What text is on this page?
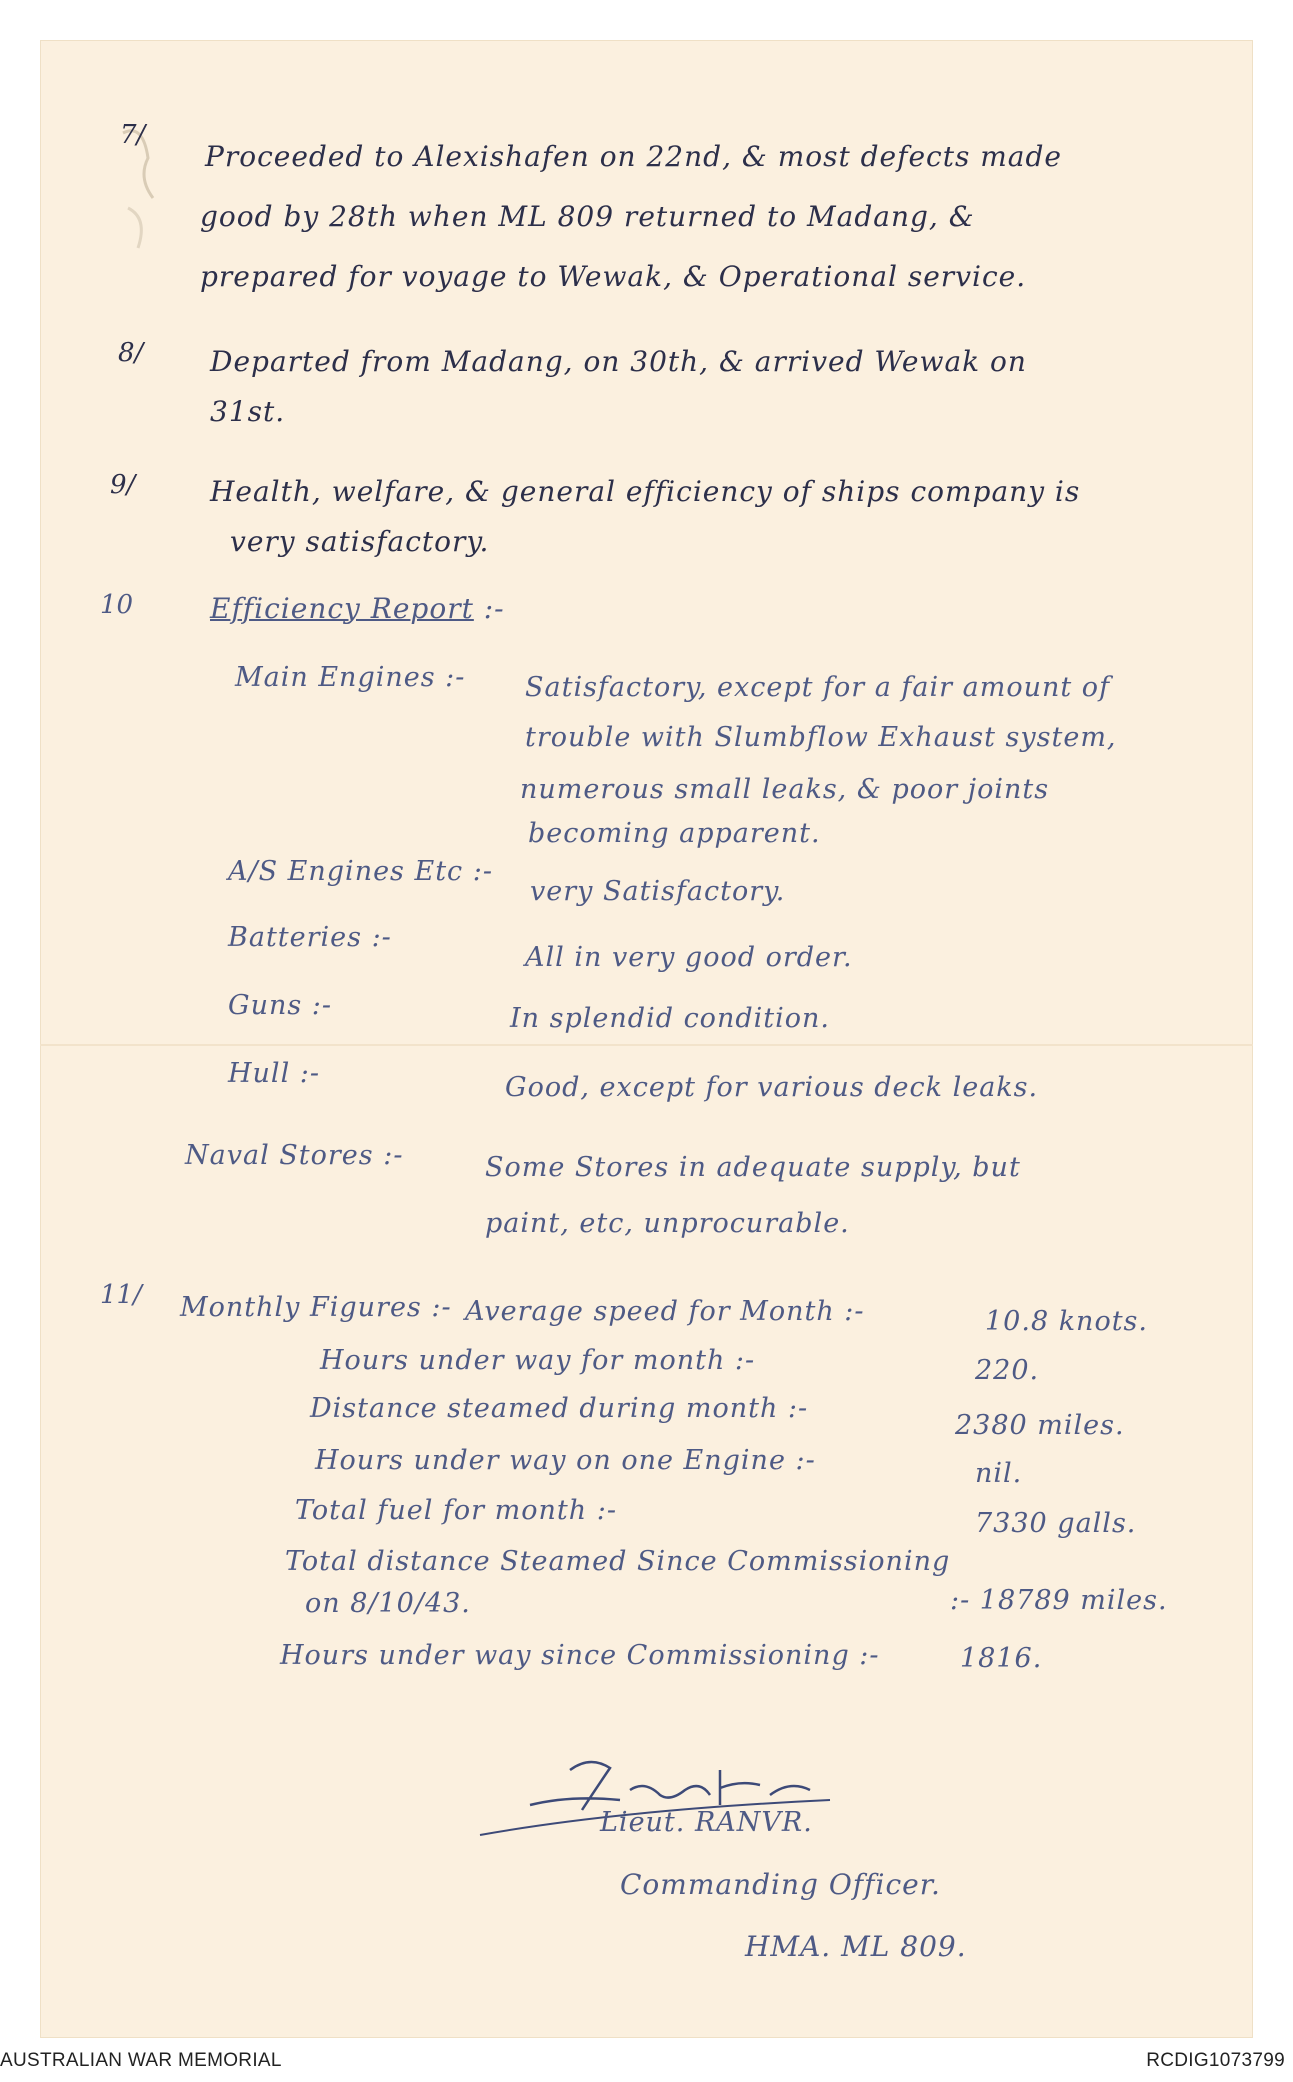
7/
Proceeded to Alexishafen on 22nd, & most defects made
good by 28th when ML 809 returned to Madang, &
prepared for voyage to Wewak, & Operational service.
8/ Departed from Madang, on 30th, & arrived Wewak on
31st.
9/	Health, welfare, & general efficiency of ships company is
very satisfactory.
10	Efficiency Report :-
Main Engines :- Satisfactory, except for a fair amount of
trouble with Slumbflow Exhaust system,
numerous small leaks, & poor joints
becoming apparent.
A/S Engines Etc :-
very Satisfactory.
Batteries :-
All in very good order.
Guns :-	In splendid condition.
Hull :-	Good, except for various deck leaks.
Naval Stores :-	Some Stores in adequate supply, but
paint, etc, unprocurable.
11/ Monthly Figures :- Average speed for Month :-	10.8 knots.
Hours under way for month :-	220.
Distance steamed during month :-
2380 miles.
Hours under way on one Engine :-	nil.
Total fuel for month :-	7330 galls.
Total distance Steamed Since Commissioning
on 8/10/43.	:- 18789 miles.
Hours under way since Commissioning :-	1816.
Lieut. RANVR.
Commanding Officer.
HMA. ML 809.
AUSTRALIAN WAR MEMORIAL	RCDIG1073799
